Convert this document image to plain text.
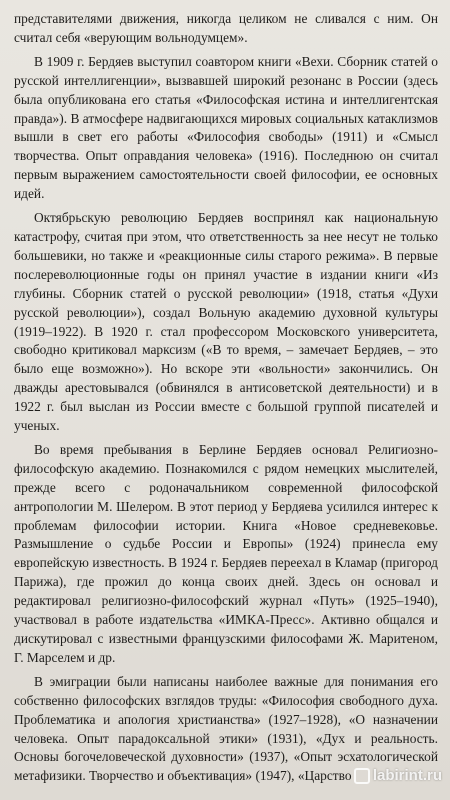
представителями движения, никогда целиком не сливался с ним. Он считал себя «верующим вольнодумцем».

В 1909 г. Бердяев выступил соавтором книги «Вехи. Сборник статей о русской интеллигенции», вызвавшей широкий резонанс в России (здесь была опубликована его статья «Философская истина и интеллигентская правда»). В атмосфере надвигающихся мировых социальных катаклизмов вышли в свет его работы «Философия свободы» (1911) и «Смысл творчества. Опыт оправдания человека» (1916). Последнюю он считал первым выражением самостоятельности своей философии, ее основных идей.

Октябрьскую революцию Бердяев воспринял как национальную катастрофу, считая при этом, что ответственность за нее несут не только большевики, но также и «реакционные силы старого режима». В первые послереволюционные годы он принял участие в издании книги «Из глубины. Сборник статей о русской революции» (1918, статья «Духи русской революции»), создал Вольную академию духовной культуры (1919–1922). В 1920 г. стал профессором Московского университета, свободно критиковал марксизм («В то время, – замечает Бердяев, – это было еще возможно»). Но вскоре эти «вольности» закончились. Он дважды арестовывался (обвинялся в антисоветской деятельности) и в 1922 г. был выслан из России вместе с большой группой писателей и ученых.

Во время пребывания в Берлине Бердяев основал Религиозно-философскую академию. Познакомился с рядом немецких мыслителей, прежде всего с родоначальником современной философской антропологии М. Шелером. В этот период у Бердяева усилился интерес к проблемам философии истории. Книга «Новое средневековье. Размышление о судьбе России и Европы» (1924) принесла ему европейскую известность. В 1924 г. Бердяев переехал в Кламар (пригород Парижа), где прожил до конца своих дней. Здесь он основал и редактировал религиозно-философский журнал «Путь» (1925–1940), участвовал в работе издательства «ИМКА-Пресс». Активно общался и дискутировал с известными французскими философами Ж. Маритеном, Г. Марселем и др.

В эмиграции были написаны наиболее важные для понимания его собственно философских взглядов труды: «Философия свободного духа. Проблематика и апология христианства» (1927–1928), «О назначении человека. Опыт парадоксальной этики» (1931), «Дух и реальность. Основы богочеловеческой духовности» (1937), «Опыт эсхатологической метафизики. Творчество и объективация» (1947), «Царство	labirint.ru
